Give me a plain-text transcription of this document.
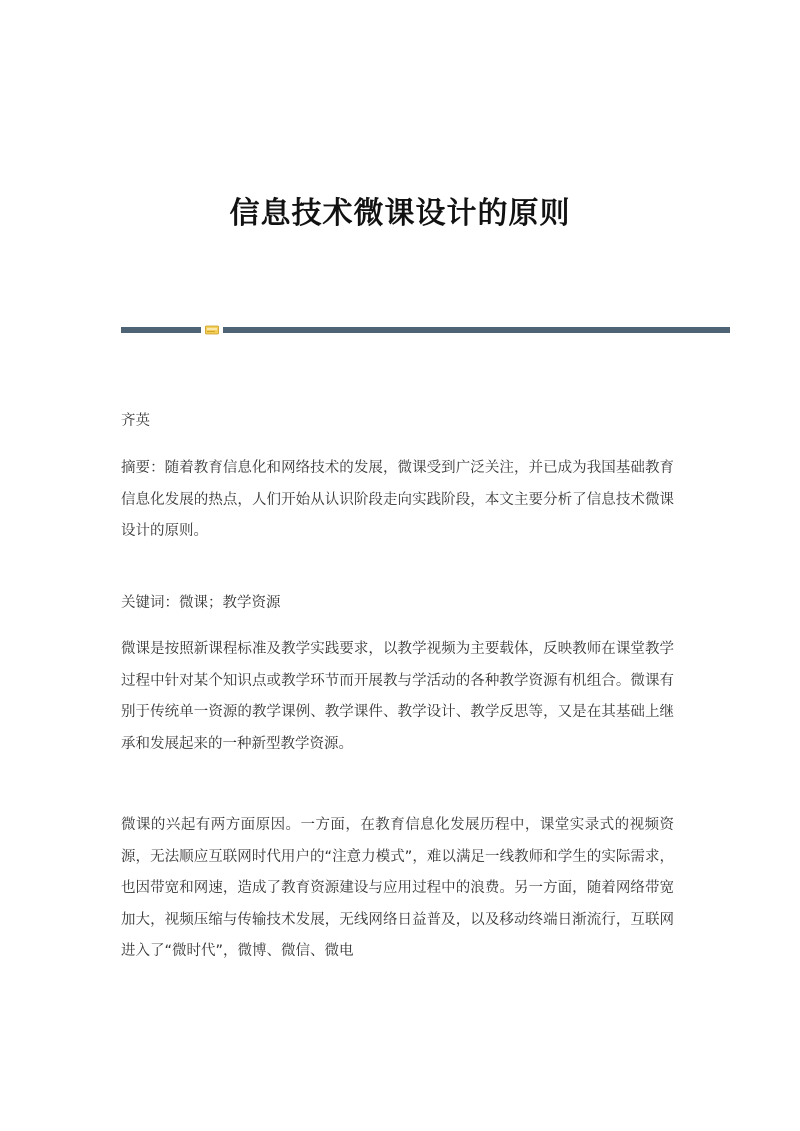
信息技术微课设计的原则

齐英

摘要：随着教育信息化和网络技术的发展，微课受到广泛关注，并已成为我国基础教育信息化发展的热点，人们开始从认识阶段走向实践阶段，本文主要分析了信息技术微课设计的原则。

关键词：微课；教学资源

微课是按照新课程标准及教学实践要求，以教学视频为主要载体，反映教师在课堂教学过程中针对某个知识点或教学环节而开展教与学活动的各种教学资源有机组合。微课有别于传统单一资源的教学课例、教学课件、教学设计、教学反思等，又是在其基础上继承和发展起来的一种新型教学资源。

微课的兴起有两方面原因。一方面，在教育信息化发展历程中，课堂实录式的视频资源，无法顺应互联网时代用户的“注意力模式”，难以满足一线教师和学生的实际需求，也因带宽和网速，造成了教育资源建设与应用过程中的浪费。另一方面，随着网络带宽加大，视频压缩与传输技术发展，无线网络日益普及，以及移动终端日渐流行，互联网进入了“微时代”，微博、微信、微电
